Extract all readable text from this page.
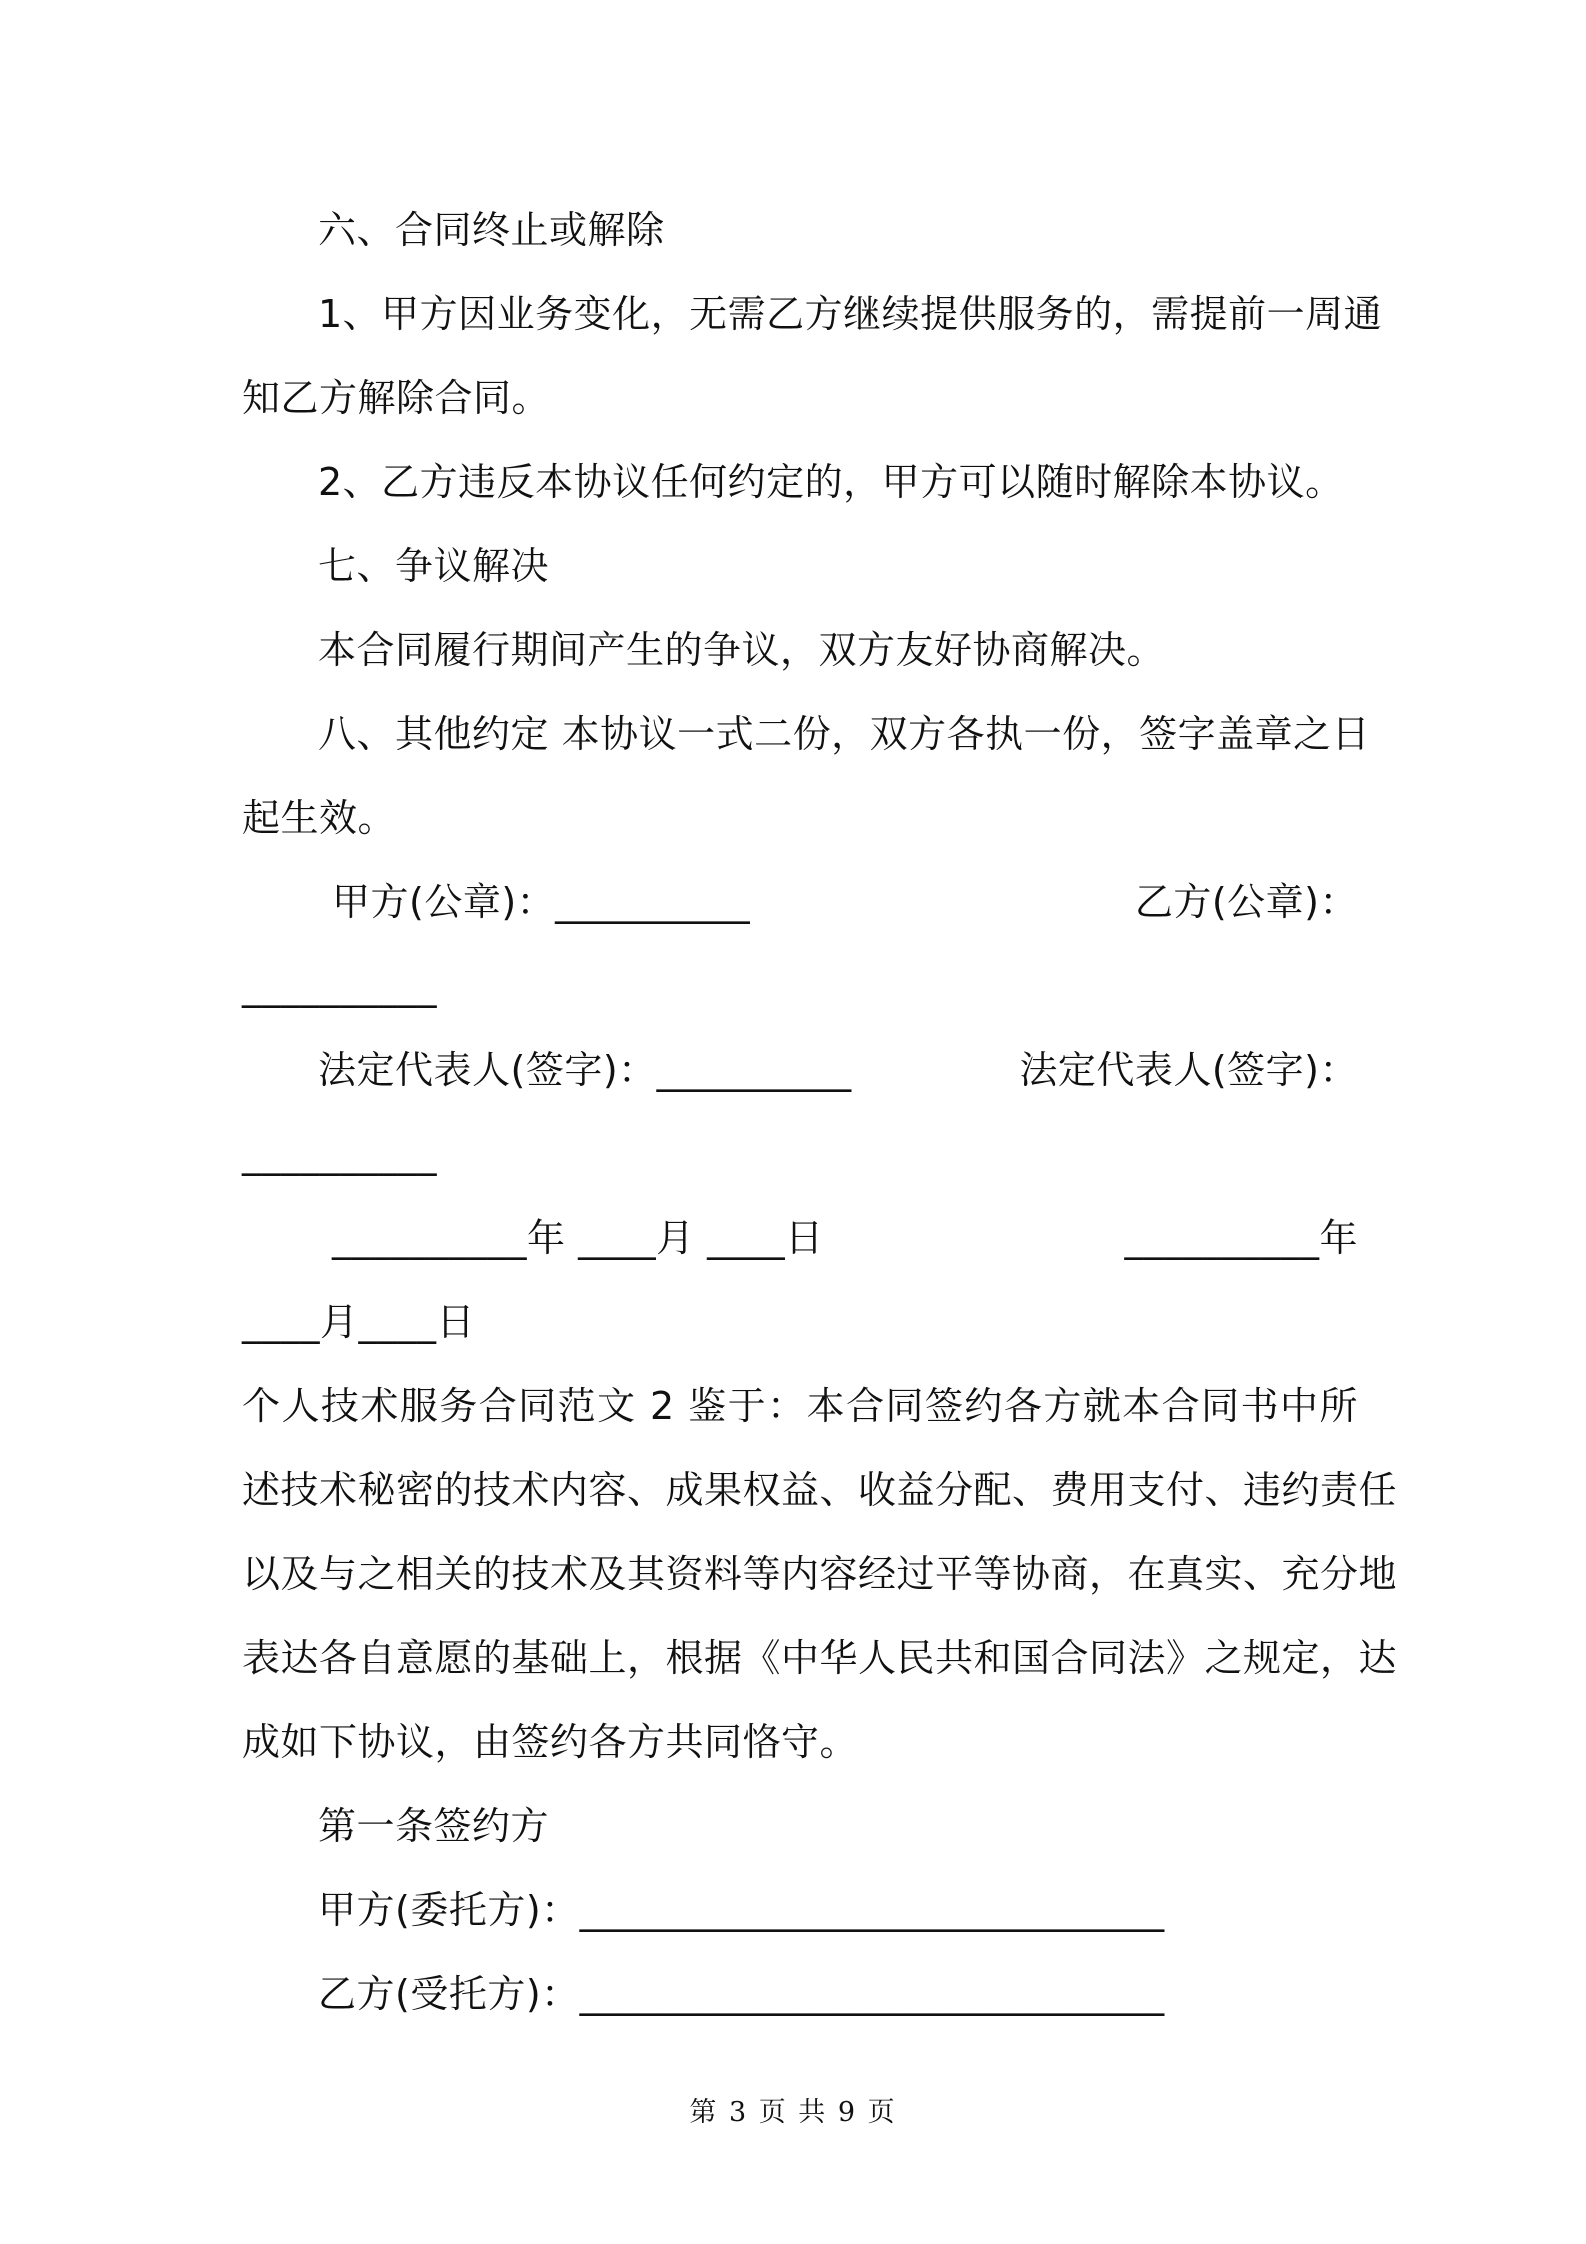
六、合同终止或解除
1、甲方因业务变化，无需乙方继续提供服务的，需提前一周通
知乙方解除合同。
2、乙方违反本协议任何约定的，甲方可以随时解除本协议。
七、争议解决
本合同履行期间产生的争议，双方友好协商解决。
八、其他约定 本协议一式二份，双方各执一份，签字盖章之日
起生效。
甲方(公章)：__________	乙方(公章)：
__________
法定代表人(签字)：__________	法定代表人(签字)：
__________
__________年 ____月 ____日	__________年
____月____日
个人技术服务合同范文 2 鉴于：本合同签约各方就本合同书中所
述技术秘密的技术内容、成果权益、收益分配、费用支付、违约责任
以及与之相关的技术及其资料等内容经过平等协商，在真实、充分地
表达各自意愿的基础上，根据《中华人民共和国合同法》之规定，达
成如下协议，由签约各方共同恪守。
第一条签约方
甲方(委托方)：______________________________
乙方(受托方)：______________________________
第 3 页 共 9 页
